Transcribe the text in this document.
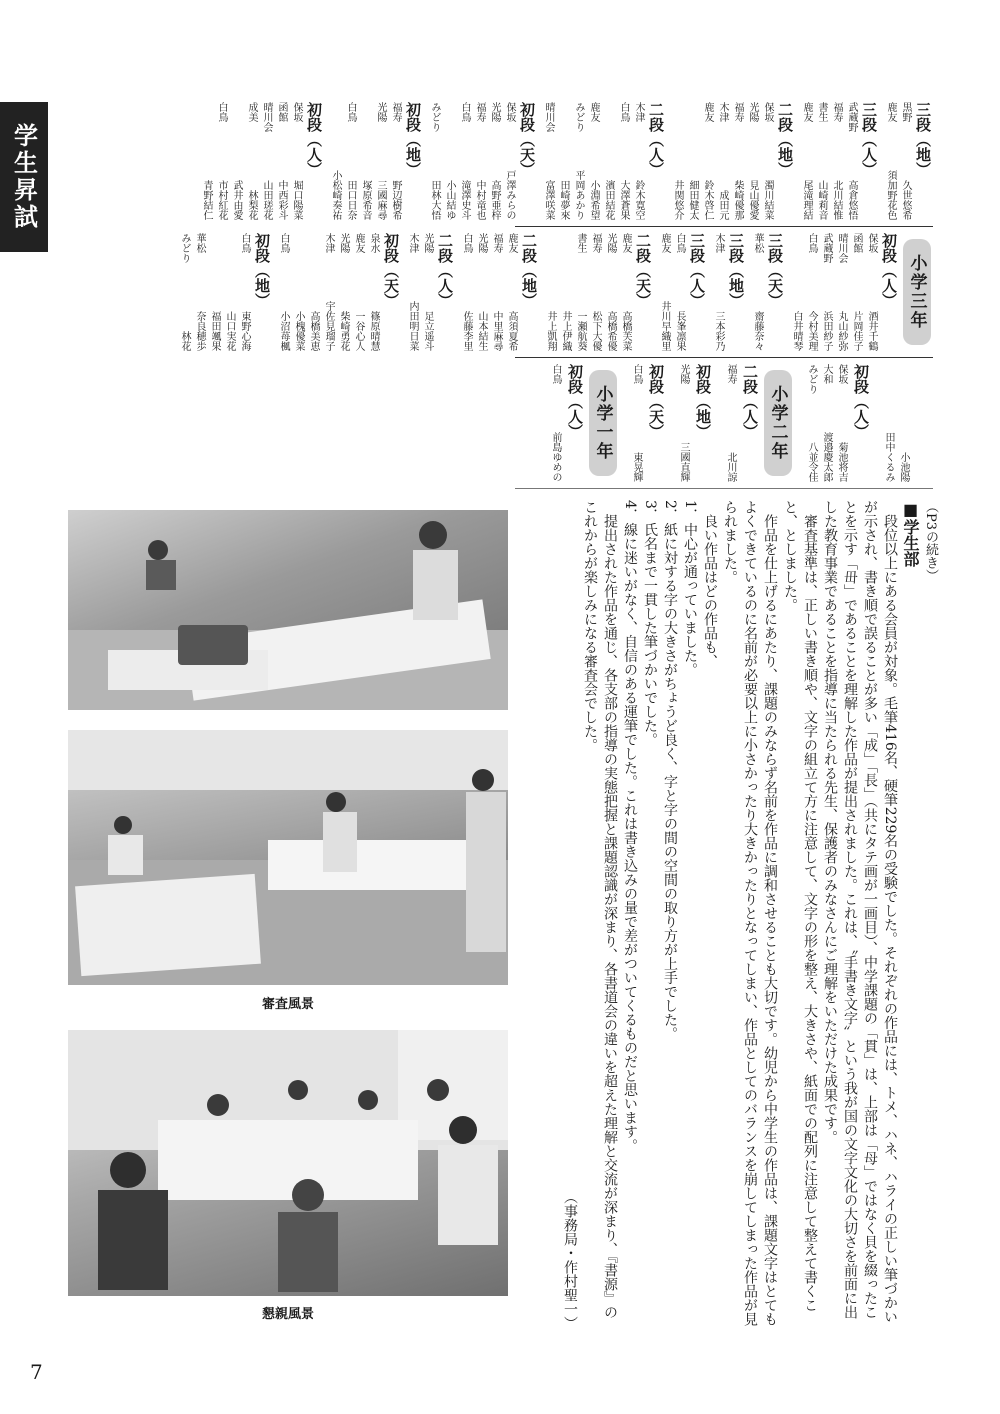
学生昇試
7
三段（地）
黒野
久世悠希
鹿友
須加野花色
三段（人）
武蔵野
高倉悠悟
福寿
北川結惟
書生
山崎莉音
鹿友
尾滝理結
二段（地）
保坂
濁川結菜
光陽
見山優愛
福寿
柴崎優那
木津
成田元
鹿友
鈴木啓仁
細田健太
井関悠介
二段（人）
木津
鈴木寛空
白鳥
大澤蒼果
濱田結花
鹿友
小淵希望
みどり
平岡あかり
田崎夢來
晴川会
富澤咲菜
初段（天）
保坂
戸澤みらの
光陽
高野亜梓
福寿
中村竜也
白鳥
滝澤史斗
小山結ゆ
みどり
田林大悟
初段（地）
福寿
野辺樹希
光陽
三國麻尋
塚原希音
白鳥
田口日奈
小松崎奏祐
初段（人）
保坂
堀口陽菜
函館
中西彩斗
晴川会
山田瑳花
成美
林梨花
武井由愛
白鳥
市村紅花
青野結仁
小学三年
初段（人）
保坂
酒井千鶴
函館
片岡佳子
晴川会
丸山紗弥
武蔵野
浜田紗子
白鳥
今村美理
白井晴琴
三段（天）
華松
齋藤奈々
三段（地）
木津
三本彩乃
三段（人）
白鳥
長峯凛果
鹿友
井川早織里
二段（天）
鹿友
高橋芙菜
光陽
高橋希優
福寿
松下大優
書生
一瀬航葵
井上伊織
井上凱翔
二段（地）
鹿友
高須夏希
福寿
中里麻尋
光陽
山本結生
白鳥
佐藤李里
二段（人）
光陽
足立遥斗
木津
内田明日菜
初段（天）
泉水
篠原晴慧
鹿友
一谷心人
光陽
柴崎勇花
木津
宇佐見瑠子
高橋美恵
小槐優菜
白鳥
小沼苺楓
初段（地）
白鳥
東野心海
山口実花
福田颯果
華松
奈良穂歩
みどり
林花
小池陽
田中くるみ
初段（人）
保坂
菊池将吉
大和
渡邉慶太郎
みどり
八並令佳
小学二年
二段（人）
福寿
北川諒
初段（地）
光陽
三國直輝
初段（天）
白鳥
東晃輝
小学一年
初段（人）
白鳥
前島ゆめの

（P3の続き）

■学生部

段位以上にある会員が対象。毛筆416名、硬筆229名の受験でした。それぞれの作品には、トメ、ハネ、ハライの正しい筆づかいが示され、書き順で誤ることが多い「成」「長」（共にタテ画が一画目）、中学課題の「貫」は、上部は「母」ではなく貝を綴ったことを示す「毌」であることを理解した作品が提出されました。これは、〝手書き文字〟という我が国の文字文化の大切さを前面に出した教育事業であることを指導に当たられる先生、保護者のみなさんにご理解をいただけた成果です。

審査基準は、正しい書き順や、文字の組立て方に注意して、文字の形を整え、大きさや、紙面での配列に注意して整えて書くこと、としました。

作品を仕上げるにあたり、課題のみならず名前を作品に調和させることも大切です。幼児から中学生の作品は、課題文字はとてもよくできているのに名前が必要以上に小さかったり大きかったりとなってしまい、作品としてのバランスを崩してしまった作品が見られました。

良い作品はどの作品も、

1．中心が通っていました。

2．紙に対する字の大きさがちょうど良く、字と字の間の空間の取り方が上手でした。

3．氏名まで一貫した筆づかいでした。

4．線に迷いがなく、自信のある運筆でした。これは書き込みの量で差がついてくるものだと思います。

提出された作品を通じ、各支部の指導の実態把握と課題認識が深まり、各書道会の違いを超えた理解と交流が深まり、『書源』のこれからが楽しみになる審査会でした。

（事務局・作村聖一）

審査風景
懇親風景
